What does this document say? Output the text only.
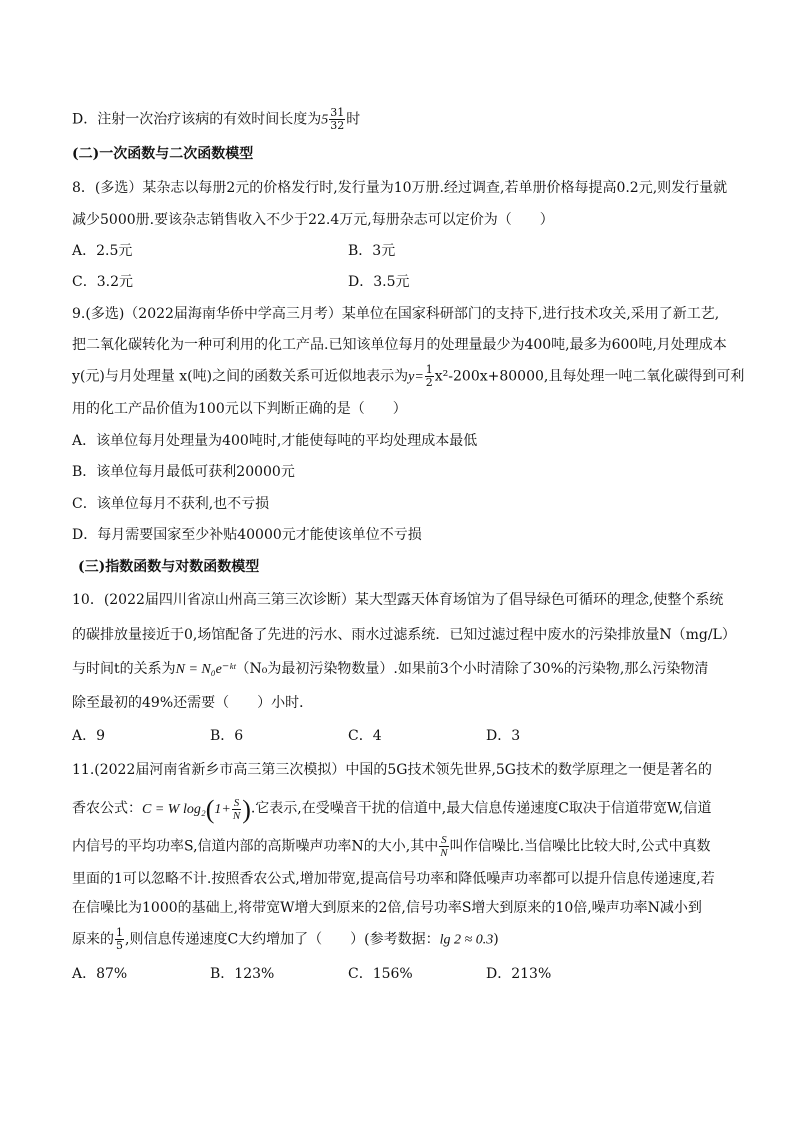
D．注射一次治疗该病的有效时间长度为$5 \frac{31}{32}$ 时
(二)一次函数与二次函数模型
8．(多选）某杂志以每册2元的价格发行时,发行量为10万册.经过调查,若单册价格每提高0.2元,则发行量就
减少5000册.要该杂志销售收入不少于22.4万元,每册杂志可以定价为（　　）
A．2.5元	B．3元
C．3.2元	D．3.5元
9.(多选)（2022届海南华侨中学高三月考）某单位在国家科研部门的支持下,进行技术攻关,采用了新工艺,
把二氧化碳转化为一种可利用的化工产品.已知该单位每月的处理量最少为400吨,最多为600吨,月处理成本
y(元)与月处理量 x(吨)之间的函数关系可近似地表示为$y= \frac{1}{2} x^2-200x+80000$,且每处理一吨二氧化碳得到可利
用的化工产品价值为100元以下判断正确的是（　　）
A．该单位每月处理量为400吨时,才能使每吨的平均处理成本最低
B．该单位每月最低可获利20000元
C．该单位每月不获利,也不亏损
D．每月需要国家至少补贴40000元才能使该单位不亏损
(三)指数函数与对数函数模型
10．(2022届四川省凉山州高三第三次诊断）某大型露天体育场馆为了倡导绿色可循环的理念,使整个系统
的碳排放量接近于0,场馆配备了先进的污水、雨水过滤系统．已知过滤过程中废水的污染排放量N（mg/L）
与时间t的关系为N = N₀e⁻ᵏᵗ（N₀为最初污染物数量）.如果前3个小时清除了30%的污染物,那么污染物清
除至最初的49%还需要（　　）小时．
A．9	B．6	C．4	D．3
11.(2022届河南省新乡市高三第三次模拟）中国的5G技术领先世界,5G技术的数学原理之一便是著名的
香农公式：C = W $\log_2(1+ \frac{S}{N}$ ).它表示,在受噪音干扰的信道中,最大信息传递速度C取决于信道带宽W,信道
内信号的平均功率S,信道内部的高斯噪声功率N的大小,其中 $\frac{S}{N}$ 叫作信噪比.当信噪比比较大时,公式中真数
里面的1可以忽略不计.按照香农公式,增加带宽,提高信号功率和降低噪声功率都可以提升信息传递速度,若
在信噪比为1000的基础上,将带宽W增大到原来的2倍,信号功率S增大到原来的10倍,噪声功率N减小到
原来的 $\frac{1}{5}$ ,则信息传递速度C大约增加了（　　）(参考数据：lg 2 ≈ 0.3)
A．87%	B．123%	C．156%	D．213%
